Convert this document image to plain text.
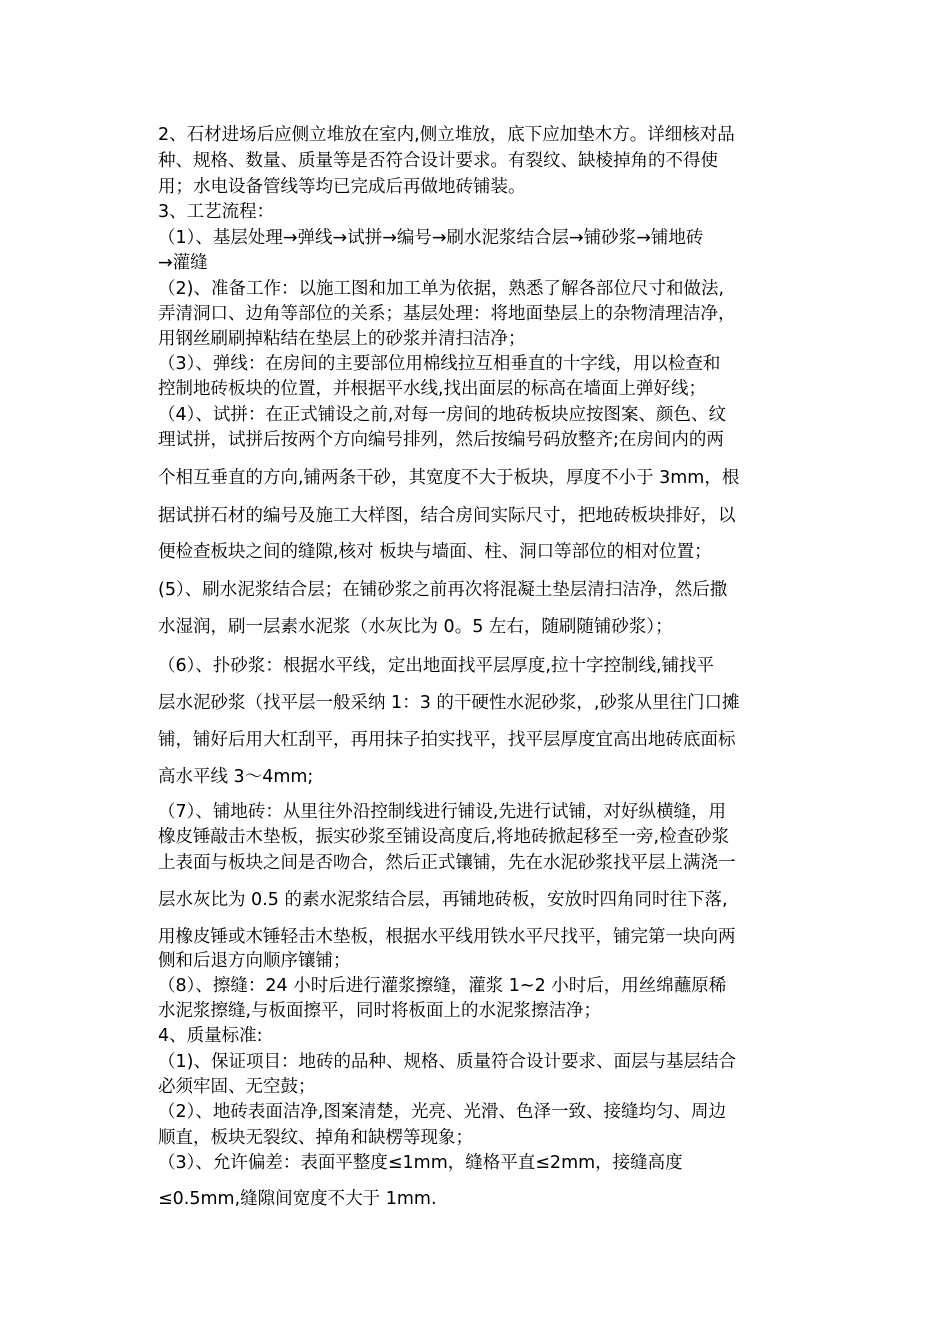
2、石材进场后应侧立堆放在室内,侧立堆放，底下应加垫木方。详细核对品
种、规格、数量、质量等是否符合设计要求。有裂纹、缺棱掉角的不得使
用；水电设备管线等均已完成后再做地砖铺装。
3、工艺流程：
（1）、基层处理→弹线→试拼→编号→刷水泥浆结合层→铺砂浆→铺地砖
→灌缝
（2)、准备工作：以施工图和加工单为依据，熟悉了解各部位尺寸和做法,
弄清洞口、边角等部位的关系；基层处理：将地面垫层上的杂物清理洁净，
用钢丝刷刷掉粘结在垫层上的砂浆并清扫洁净；
（3）、弹线：在房间的主要部位用棉线拉互相垂直的十字线，用以检查和
控制地砖板块的位置，并根据平水线,找出面层的标高在墙面上弹好线；
（4）、试拼：在正式铺设之前,对每一房间的地砖板块应按图案、颜色、纹
理试拼，试拼后按两个方向编号排列，然后按编号码放整齐;在房间内的两
个相互垂直的方向,铺两条干砂，其宽度不大于板块，厚度不小于 3mm，根
据试拼石材的编号及施工大样图，结合房间实际尺寸，把地砖板块排好，以
便检查板块之间的缝隙,核对 板块与墙面、柱、洞口等部位的相对位置；
(5）、刷水泥浆结合层；在铺砂浆之前再次将混凝土垫层清扫洁净，然后撒
水湿润，刷一层素水泥浆（水灰比为 0。5 左右，随刷随铺砂浆）；
（6）、扑砂浆：根据水平线，定出地面找平层厚度,拉十字控制线,铺找平
层水泥砂浆（找平层一般采纳 1：3 的干硬性水泥砂浆，,砂浆从里往门口摊
铺，铺好后用大杠刮平，再用抹子拍实找平，找平层厚度宜高出地砖底面标
高水平线 3～4mm;
（7）、铺地砖：从里往外沿控制线进行铺设,先进行试铺，对好纵横缝，用
橡皮锤敲击木垫板，振实砂浆至铺设高度后,将地砖掀起移至一旁,检查砂浆
上表面与板块之间是否吻合，然后正式镶铺，先在水泥砂浆找平层上满浇一
层水灰比为 0.5 的素水泥浆结合层，再铺地砖板，安放时四角同时往下落,
用橡皮锤或木锤轻击木垫板，根据水平线用铁水平尺找平，铺完第一块向两
侧和后退方向顺序镶铺；
（8）、擦缝：24 小时后进行灌浆擦缝，灌浆 1~2 小时后，用丝绵蘸原稀
水泥浆擦缝,与板面擦平，同时将板面上的水泥浆擦洁净；
4、质量标准:
（1)、保证项目：地砖的品种、规格、质量符合设计要求、面层与基层结合
必须牢固、无空鼓；
（2）、地砖表面洁净,图案清楚，光亮、光滑、色泽一致、接缝均匀、周边
顺直，板块无裂纹、掉角和缺楞等现象；
（3）、允许偏差：表面平整度≤1mm，缝格平直≤2mm，接缝高度
≤0.5mm,缝隙间宽度不大于 1mm.
